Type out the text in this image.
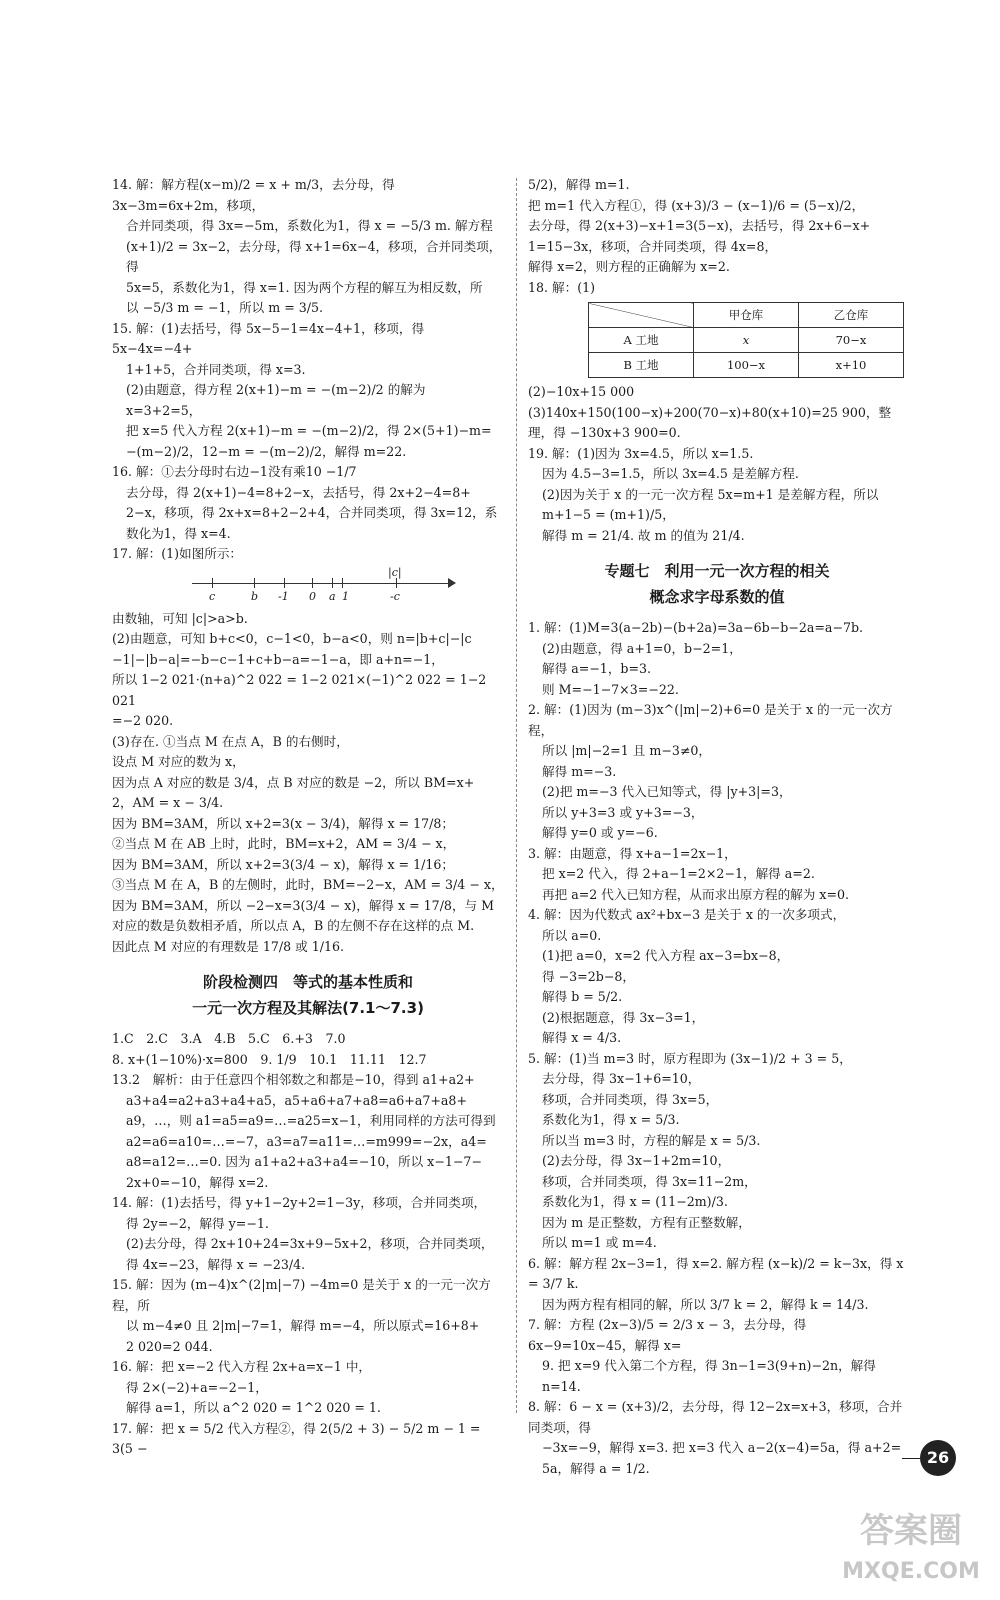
14. 解：解方程(x−m)/2 = x + m/3，去分母，得 3x−3m=6x+2m，移项，

合并同类项，得 3x=−5m，系数化为1，得 x = −5/3 m. 解方程

(x+1)/2 = 3x−2，去分母，得 x+1=6x−4，移项，合并同类项，得

5x=5，系数化为1，得 x=1. 因为两个方程的解互为相反数，所

以 −5/3 m = −1，所以 m = 3/5.

15. 解：(1)去括号，得 5x−5−1=4x−4+1，移项，得 5x−4x=−4+

1+1+5，合并同类项，得 x=3.

(2)由题意，得方程 2(x+1)−m = −(m−2)/2 的解为 x=3+2=5，

把 x=5 代入方程 2(x+1)−m = −(m−2)/2，得 2×(5+1)−m=

−(m−2)/2，12−m = −(m−2)/2，解得 m=22.

16. 解：①去分母时右边−1没有乘10 −1/7

去分母，得 2(x+1)−4=8+2−x，去括号，得 2x+2−4=8+

2−x，移项，得 2x+x=8+2−2+4，合并同类项，得 3x=12，系

数化为1，得 x=4.

17. 解：(1)如图所示：

c	b -1 0 a 1	-c
|c|

由数轴，可知 |c|>a>b.

(2)由题意，可知 b+c<0，c−1<0，b−a<0，则 n=|b+c|−|c

−1|−|b−a|=−b−c−1+c+b−a=−1−a，即 a+n=−1，

所以 1−2 021·(n+a)^2 022 = 1−2 021×(−1)^2 022 = 1−2 021

=−2 020.

(3)存在. ①当点 M 在点 A，B 的右侧时，

设点 M 对应的数为 x，

因为点 A 对应的数是 3/4，点 B 对应的数是 −2，所以 BM=x+

2，AM = x − 3/4.

因为 BM=3AM，所以 x+2=3(x − 3/4)，解得 x = 17/8；

②当点 M 在 AB 上时，此时，BM=x+2，AM = 3/4 − x，

因为 BM=3AM，所以 x+2=3(3/4 − x)，解得 x = 1/16；

③当点 M 在 A，B 的左侧时，此时，BM=−2−x，AM = 3/4 − x，

因为 BM=3AM，所以 −2−x=3(3/4 − x)，解得 x = 17/8，与 M

对应的数是负数相矛盾，所以点 A，B 的左侧不存在这样的点 M.

因此点 M 对应的有理数是 17/8 或 1/16.

阶段检测四　等式的基本性质和
一元一次方程及其解法(7.1～7.3)

1.C　2.C　3.A　4.B　5.C　6.+3　7.0

8. x+(1−10%)·x=800　9. 1/9　10.1　11.11　12.7

13.2　解析：由于任意四个相邻数之和都是−10，得到 a1+a2+

a3+a4=a2+a3+a4+a5，a5+a6+a7+a8=a6+a7+a8+

a9，…，则 a1=a5=a9=…=a25=x−1，利用同样的方法可得到

a2=a6=a10=…=−7，a3=a7=a11=…=m999=−2x，a4=

a8=a12=…=0. 因为 a1+a2+a3+a4=−10，所以 x−1−7−

2x+0=−10，解得 x=2.

14. 解：(1)去括号，得 y+1−2y+2=1−3y，移项，合并同类项，

得 2y=−2，解得 y=−1.

(2)去分母，得 2x+10+24=3x+9−5x+2，移项，合并同类项，

得 4x=−23，解得 x = −23/4.

15. 解：因为 (m−4)x^(2|m|−7) −4m=0 是关于 x 的一元一次方程，所

以 m−4≠0 且 2|m|−7=1，解得 m=−4，所以原式=16+8+

2 020=2 044.

16. 解：把 x=−2 代入方程 2x+a=x−1 中，

得 2×(−2)+a=−2−1，

解得 a=1，所以 a^2 020 = 1^2 020 = 1.

17. 解：把 x = 5/2 代入方程②，得 2(5/2 + 3) − 5/2 m − 1 = 3(5 −

5/2)，解得 m=1.

把 m=1 代入方程①，得 (x+3)/3 − (x−1)/6 = (5−x)/2，

去分母，得 2(x+3)−x+1=3(5−x)，去括号，得 2x+6−x+

1=15−3x，移项，合并同类项，得 4x=8，

解得 x=2，则方程的正确解为 x=2.

18. 解：(1)

	甲仓库	乙仓库
A 工地	x	70−x
B 工地	100−x	x+10

(2)−10x+15 000

(3)140x+150(100−x)+200(70−x)+80(x+10)=25 900，整

理，得 −130x+3 900=0.

19. 解：(1)因为 3x=4.5，所以 x=1.5.

因为 4.5−3=1.5，所以 3x=4.5 是差解方程.

(2)因为关于 x 的一元一次方程 5x=m+1 是差解方程，所以

m+1−5 = (m+1)/5，

解得 m = 21/4. 故 m 的值为 21/4.

专题七　利用一元一次方程的相关
概念求字母系数的值

1. 解：(1)M=3(a−2b)−(b+2a)=3a−6b−b−2a=a−7b.

(2)由题意，得 a+1=0，b−2=1，

解得 a=−1，b=3.

则 M=−1−7×3=−22.

2. 解：(1)因为 (m−3)x^(|m|−2)+6=0 是关于 x 的一元一次方程，

所以 |m|−2=1 且 m−3≠0，

解得 m=−3.

(2)把 m=−3 代入已知等式，得 |y+3|=3，

所以 y+3=3 或 y+3=−3，

解得 y=0 或 y=−6.

3. 解：由题意，得 x+a−1=2x−1，

把 x=2 代入，得 2+a−1=2×2−1，解得 a=2.

再把 a=2 代入已知方程，从而求出原方程的解为 x=0.

4. 解：因为代数式 ax²+bx−3 是关于 x 的一次多项式，

所以 a=0.

(1)把 a=0，x=2 代入方程 ax−3=bx−8，

得 −3=2b−8，

解得 b = 5/2.

(2)根据题意，得 3x−3=1，

解得 x = 4/3.

5. 解：(1)当 m=3 时，原方程即为 (3x−1)/2 + 3 = 5，

去分母，得 3x−1+6=10，

移项，合并同类项，得 3x=5，

系数化为1，得 x = 5/3.

所以当 m=3 时，方程的解是 x = 5/3.

(2)去分母，得 3x−1+2m=10，

移项，合并同类项，得 3x=11−2m，

系数化为1，得 x = (11−2m)/3.

因为 m 是正整数，方程有正整数解，

所以 m=1 或 m=4.

6. 解：解方程 2x−3=1，得 x=2. 解方程 (x−k)/2 = k−3x，得 x = 3/7 k.

因为两方程有相同的解，所以 3/7 k = 2，解得 k = 14/3.

7. 解：方程 (2x−3)/5 = 2/3 x − 3，去分母，得 6x−9=10x−45，解得 x=

9. 把 x=9 代入第二个方程，得 3n−1=3(9+n)−2n，解得

n=14.

8. 解：6 − x = (x+3)/2，去分母，得 12−2x=x+3，移项，合并同类项，得

−3x=−9，解得 x=3. 把 x=3 代入 a−2(x−4)=5a，得 a+2=

5a，解得 a = 1/2.

26
答案圈
MXQE.COM
